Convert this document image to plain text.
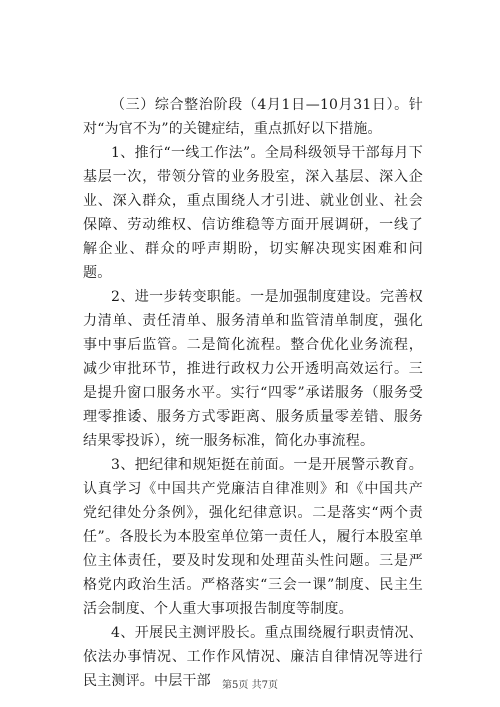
（三）综合整治阶段（4月1日—10月31日）。针对“为官不为”的关键症结，重点抓好以下措施。

1、推行“一线工作法”。全局科级领导干部每月下基层一次，带领分管的业务股室，深入基层、深入企业、深入群众，重点围绕人才引进、就业创业、社会保障、劳动维权、信访维稳等方面开展调研，一线了解企业、群众的呼声期盼，切实解决现实困难和问题。

2、进一步转变职能。一是加强制度建设。完善权力清单、责任清单、服务清单和监管清单制度，强化事中事后监管。二是简化流程。整合优化业务流程，减少审批环节，推进行政权力公开透明高效运行。三是提升窗口服务水平。实行“四零”承诺服务（服务受理零推诿、服务方式零距离、服务质量零差错、服务结果零投诉），统一服务标准，简化办事流程。

3、把纪律和规矩挺在前面。一是开展警示教育。认真学习《中国共产党廉洁自律准则》和《中国共产党纪律处分条例》，强化纪律意识。二是落实“两个责任”。各股长为本股室单位第一责任人，履行本股室单位主体责任，要及时发现和处理苗头性问题。三是严格党内政治生活。严格落实“三会一课”制度、民主生活会制度、个人重大事项报告制度等制度。

4、开展民主测评股长。重点围绕履行职责情况、依法办事情况、工作作风情况、廉洁自律情况等进行民主测评。中层干部	第5页 共7页
